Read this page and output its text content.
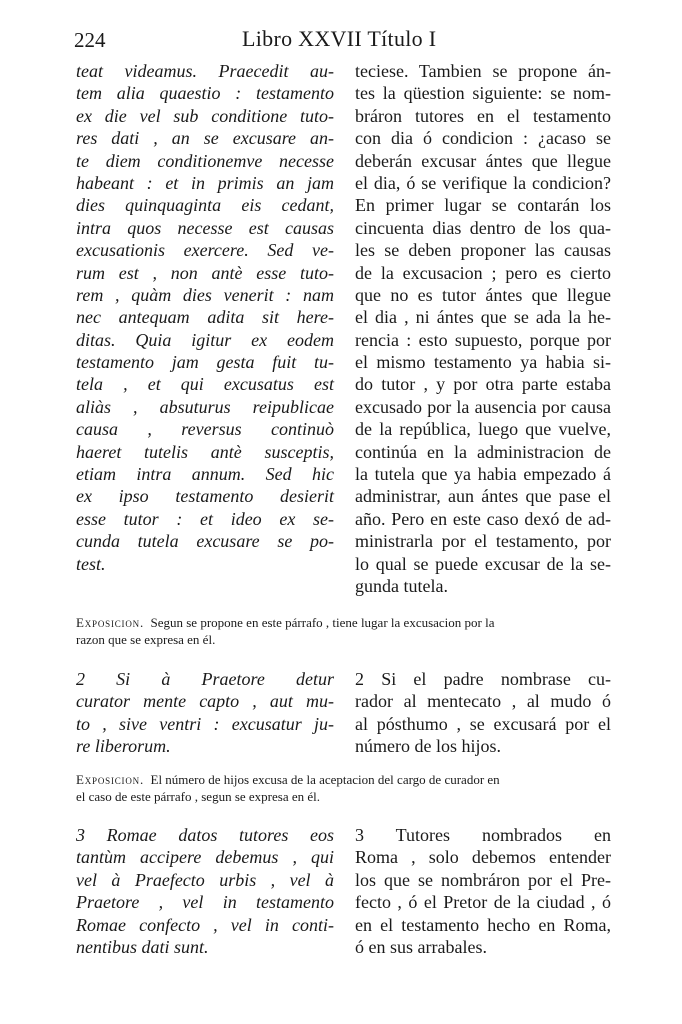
224	Libro XXVII Título I
teat videamus. Praecedit au-
tem alia quaestio : testamento
ex die vel sub conditione tuto-
res dati , an se excusare an-
te diem conditionemve necesse
habeant : et in primis an jam
dies quinquaginta eis cedant,
intra quos necesse est causas
excusationis exercere. Sed ve-
rum est , non antè esse tuto-
rem , quàm dies venerit : nam
nec antequam adita sit here-
ditas. Quia igitur ex eodem
testamento jam gesta fuit tu-
tela , et qui excusatus est
aliàs , absuturus reipublicae
causa , reversus continuò
haeret tutelis antè susceptis,
etiam intra annum. Sed hic
ex ipso testamento desierit
esse tutor : et ideo ex se-
cunda tutela excusare se po-
test.
teciese. Tambien se propone án-
tes la qüestion siguiente: se nom-
bráron tutores en el testamento
con dia ó condicion : ¿acaso se
deberán excusar ántes que llegue
el dia, ó se verifique la condicion?
En primer lugar se contarán los
cincuenta dias dentro de los qua-
les se deben proponer las causas
de la excusacion ; pero es cierto
que no es tutor ántes que llegue
el dia , ni ántes que se ada la he-
rencia : esto supuesto, porque por
el mismo testamento ya habia si-
do tutor , y por otra parte estaba
excusado por la ausencia por causa
de la república, luego que vuelve,
continúa en la administracion de
la tutela que ya habia empezado á
administrar, aun ántes que pase el
año. Pero en este caso dexó de ad-
ministrarla por el testamento, por
lo qual se puede excusar de la se-
gunda tutela.
Exposicion. Segun se propone en este párrafo , tiene lugar la excusacion por la
razon que se expresa en él.
2 Si à Praetore detur
curator mente capto , aut mu-
to , sive ventri : excusatur ju-
re liberorum.
2 Si el padre nombrase cu-
rador al mentecato , al mudo ó
al pósthumo , se excusará por el
número de los hijos.
Exposicion. El número de hijos excusa de la aceptacion del cargo de curador en
el caso de este párrafo , segun se expresa en él.
3 Romae datos tutores eos
tantùm accipere debemus , qui
vel à Praefecto urbis , vel à
Praetore , vel in testamento
Romae confecto , vel in conti-
nentibus dati sunt.
3 Tutores nombrados en
Roma , solo debemos entender
los que se nombráron por el Pre-
fecto , ó el Pretor de la ciudad , ó
en el testamento hecho en Roma,
ó en sus arrabales.
